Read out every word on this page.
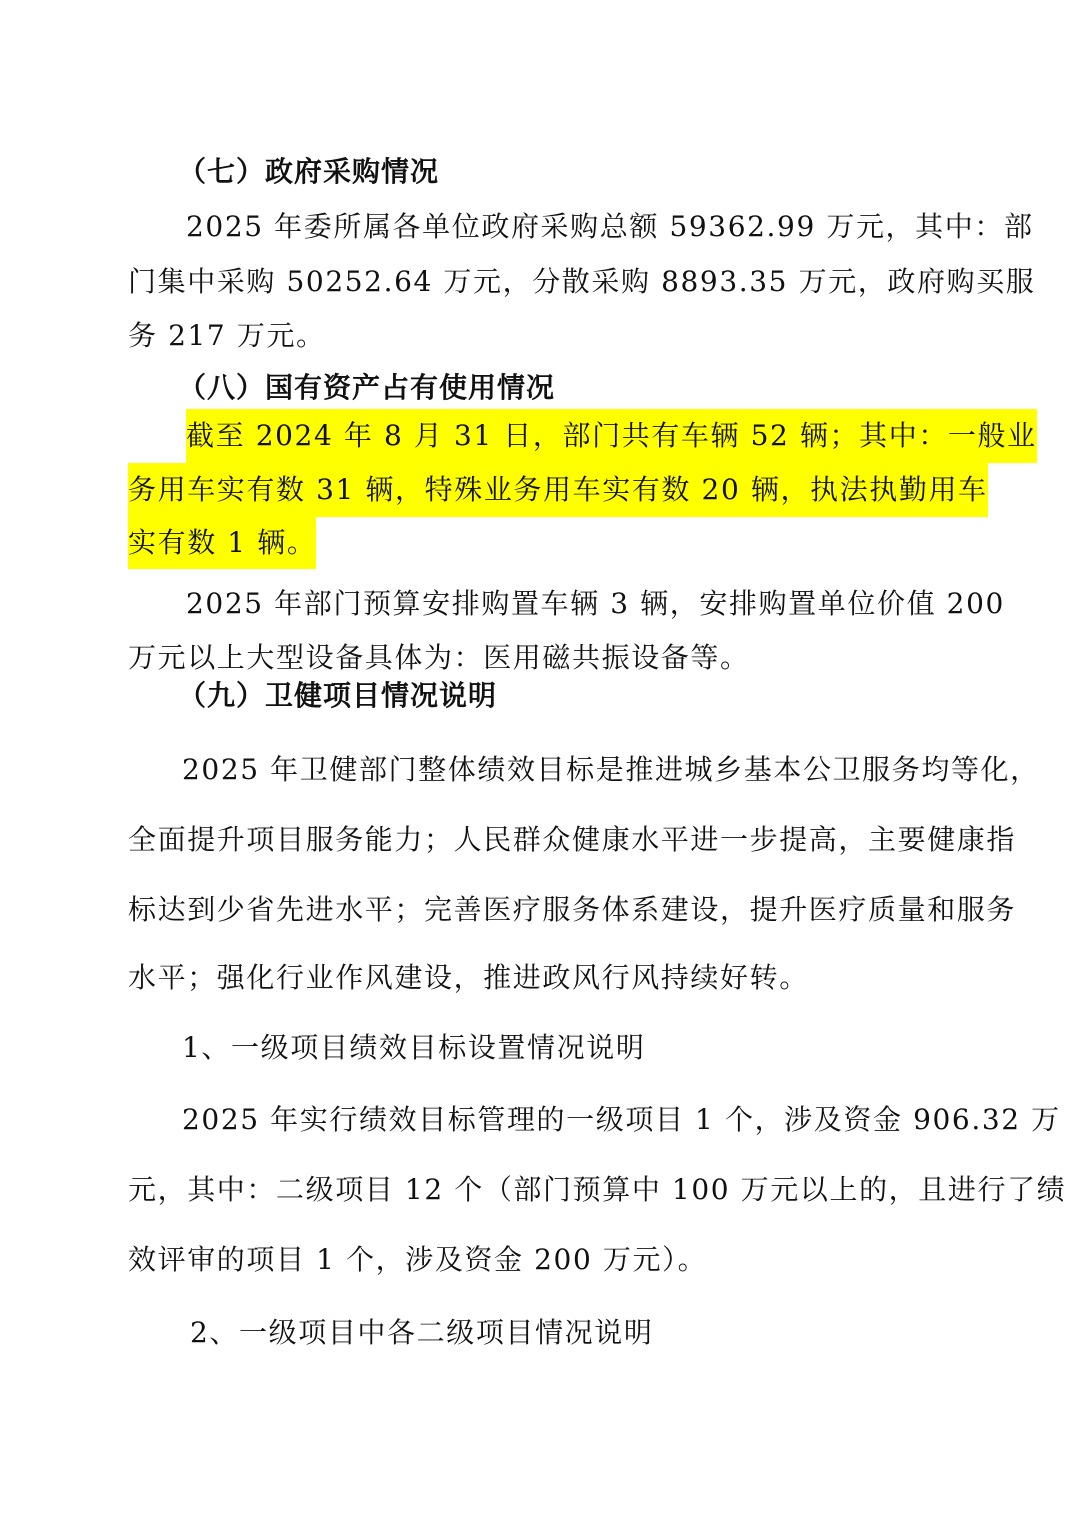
（七）政府采购情况
2025 年委所属各单位政府采购总额 59362.99 万元，其中：部
门集中采购 50252.64 万元，分散采购 8893.35 万元，政府购买服
务 217 万元。
（八）国有资产占有使用情况
截至 2024 年 8 月 31 日，部门共有车辆 52 辆；其中：一般业
务用车实有数 31 辆，特殊业务用车实有数 20 辆，执法执勤用车
实有数 1 辆。
2025 年部门预算安排购置车辆 3 辆，安排购置单位价值 200
万元以上大型设备具体为：医用磁共振设备等。
（九）卫健项目情况说明
2025 年卫健部门整体绩效目标是推进城乡基本公卫服务均等化，
全面提升项目服务能力；人民群众健康水平进一步提高，主要健康指
标达到少省先进水平；完善医疗服务体系建设，提升医疗质量和服务
水平；强化行业作风建设，推进政风行风持续好转。
1、一级项目绩效目标设置情况说明
2025 年实行绩效目标管理的一级项目 1 个，涉及资金 906.32 万
元，其中：二级项目 12 个（部门预算中 100 万元以上的，且进行了绩
效评审的项目 1 个，涉及资金 200 万元）。
2、一级项目中各二级项目情况说明
